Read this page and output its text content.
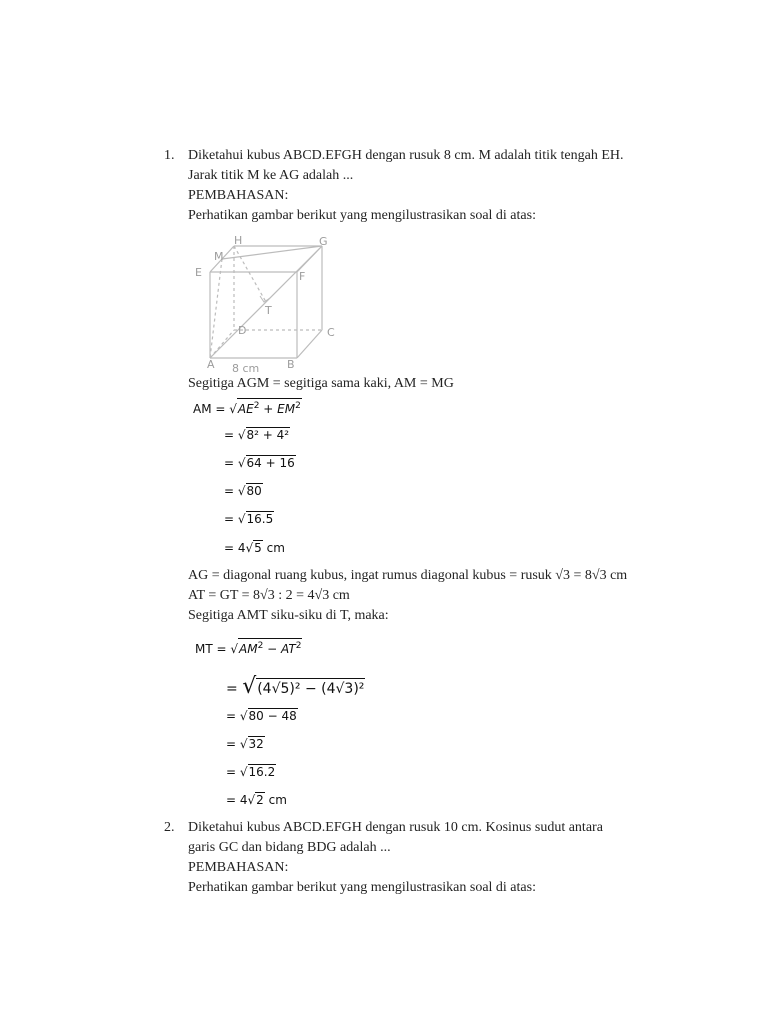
1. Diketahui kubus ABCD.EFGH dengan rusuk 8 cm. M adalah titik tengah EH.
Jarak titik M ke AG adalah ...
PEMBAHASAN:
Perhatikan gambar berikut yang mengilustrasikan soal di atas:
H	G
M
E	F
T
D	C
A	B
8 cm
Segitiga AGM = segitiga sama kaki, AM = MG
AM = $√AE^2 + EM^2$
= √8² + 4²
= √64 + 16
= √80
= √16.5
= 4√5 cm
AG = diagonal ruang kubus, ingat rumus diagonal kubus = rusuk √3 = 8√3 cm
AT = GT = 8√3 : 2 = 4√3 cm
Segitiga AMT siku-siku di T, maka:
MT = $√AM^2 - AT^2$
= √(4√5)² − (4√3)²
= √80 − 48
= √32
= √16.2
= 4√2 cm
2. Diketahui kubus ABCD.EFGH dengan rusuk 10 cm. Kosinus sudut antara
garis GC dan bidang BDG adalah ...
PEMBAHASAN:
Perhatikan gambar berikut yang mengilustrasikan soal di atas:
